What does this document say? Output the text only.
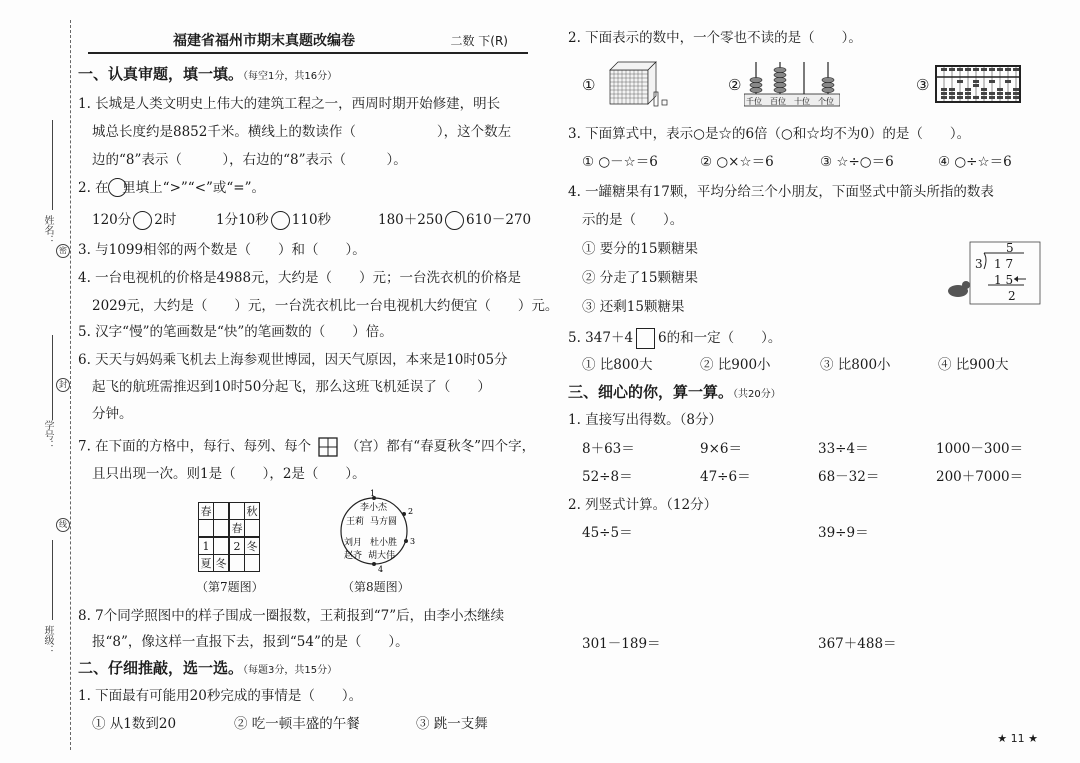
姓名：
密
封
学号：
线
班级：
福建省福州市期末真题改编卷	二数 下(R)
一、认真审题，填一填。（每空1分，共16分）
1. 长城是人类文明史上伟大的建筑工程之一，西周时期开始修建，明长
城总长度约是8852千米。横线上的数读作（　　　　　　），这个数左
边的“8”表示（　　　），右边的“8”表示（　　　）。
2. 在　里填上“>”“<”或“=”。
120分 2时	1分10秒 110秒	180＋250 610－270
3. 与1099相邻的两个数是（　　）和（　　）。
4. 一台电视机的价格是4988元，大约是（　　）元；一台洗衣机的价格是
2029元，大约是（　　）元，一台洗衣机比一台电视机大约便宜（　　）元。
5. 汉字“慢”的笔画数是“快”的笔画数的（　　）倍。
6. 天天与妈妈乘飞机去上海参观世博园，因天气原因，本来是10时05分
起飞的航班需推迟到10时50分起飞，那么这班飞机延误了（　　）
分钟。
7. 在下面的方格中，每行、每列、每个	（宫）都有“春夏秋冬”四个字，
且只出现一次。则1是（　　），2是（　　）。
春			秋
		春	
1		2	冬
夏	冬		
（第7题图）
1
2
3
4
李小杰
王莉 马方圆
刘月 杜小胜
赵齐 胡大伟
（第8题图）
8. 7个同学照图中的样子围成一圈报数，王莉报到“7”后，由李小杰继续
报“8”，像这样一直报下去，报到“54”的是（　　）。
二、仔细推敲，选一选。（每题3分，共15分）
1. 下面最有可能用20秒完成的事情是（　　）。
① 从1数到20	② 吃一顿丰盛的午餐	③ 跳一支舞
2. 下面表示的数中，一个零也不读的是（　　）。
①	②
千位 百位 十位 个位
③
3. 下面算式中，表示○是☆的6倍（○和☆均不为0）的是（　　）。
① ○－☆＝6	② ○×☆＝6	③ ☆÷○＝6	④ ○÷☆＝6
4. 一罐糖果有17颗，平均分给三个小朋友，下面竖式中箭头所指的数表
示的是（　　）。
① 要分的15颗糖果
② 分走了15颗糖果
③ 还剩15颗糖果
5
3 1 7
1 5
2
5. 347＋4 6的和一定（　　）。
① 比800大	② 比900小	③ 比800小	④ 比900大
三、细心的你，算一算。（共20分）
1. 直接写出得数。（8分）
8＋63＝	9×6＝	33÷4＝	1000－300＝
52÷8＝	47÷6＝	68－32＝	200＋7000＝
2. 列竖式计算。（12分）
45÷5＝	39÷9＝
301－189＝	367＋488＝
★ 11 ★
